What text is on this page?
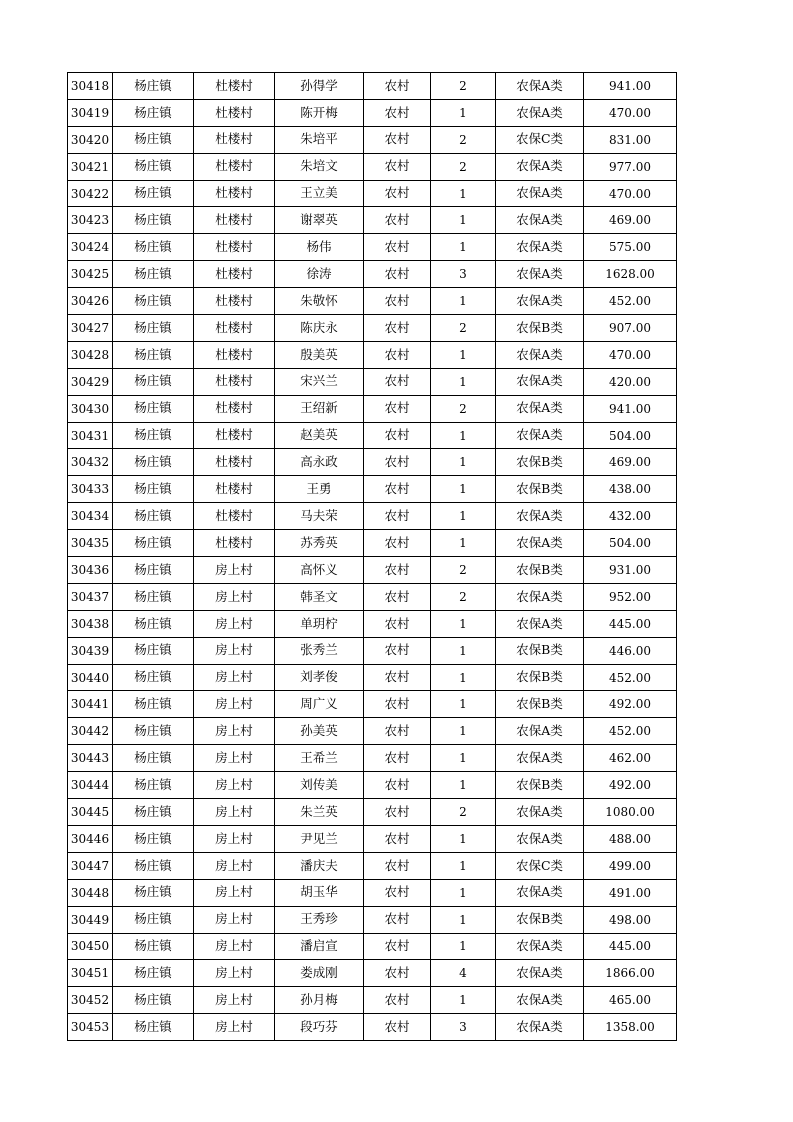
30418	杨庄镇	杜楼村	孙得学	农村	2	农保A类	941.00
30419	杨庄镇	杜楼村	陈开梅	农村	1	农保A类	470.00
30420	杨庄镇	杜楼村	朱培平	农村	2	农保C类	831.00
30421	杨庄镇	杜楼村	朱培文	农村	2	农保A类	977.00
30422	杨庄镇	杜楼村	王立美	农村	1	农保A类	470.00
30423	杨庄镇	杜楼村	谢翠英	农村	1	农保A类	469.00
30424	杨庄镇	杜楼村	杨伟	农村	1	农保A类	575.00
30425	杨庄镇	杜楼村	徐涛	农村	3	农保A类	1628.00
30426	杨庄镇	杜楼村	朱敬怀	农村	1	农保A类	452.00
30427	杨庄镇	杜楼村	陈庆永	农村	2	农保B类	907.00
30428	杨庄镇	杜楼村	殷美英	农村	1	农保A类	470.00
30429	杨庄镇	杜楼村	宋兴兰	农村	1	农保A类	420.00
30430	杨庄镇	杜楼村	王绍新	农村	2	农保A类	941.00
30431	杨庄镇	杜楼村	赵美英	农村	1	农保A类	504.00
30432	杨庄镇	杜楼村	高永政	农村	1	农保B类	469.00
30433	杨庄镇	杜楼村	王勇	农村	1	农保B类	438.00
30434	杨庄镇	杜楼村	马夫荣	农村	1	农保A类	432.00
30435	杨庄镇	杜楼村	苏秀英	农村	1	农保A类	504.00
30436	杨庄镇	房上村	高怀义	农村	2	农保B类	931.00
30437	杨庄镇	房上村	韩圣文	农村	2	农保A类	952.00
30438	杨庄镇	房上村	单玥柠	农村	1	农保A类	445.00
30439	杨庄镇	房上村	张秀兰	农村	1	农保B类	446.00
30440	杨庄镇	房上村	刘孝俊	农村	1	农保B类	452.00
30441	杨庄镇	房上村	周广义	农村	1	农保B类	492.00
30442	杨庄镇	房上村	孙美英	农村	1	农保A类	452.00
30443	杨庄镇	房上村	王希兰	农村	1	农保A类	462.00
30444	杨庄镇	房上村	刘传美	农村	1	农保B类	492.00
30445	杨庄镇	房上村	朱兰英	农村	2	农保A类	1080.00
30446	杨庄镇	房上村	尹见兰	农村	1	农保A类	488.00
30447	杨庄镇	房上村	潘庆夫	农村	1	农保C类	499.00
30448	杨庄镇	房上村	胡玉华	农村	1	农保A类	491.00
30449	杨庄镇	房上村	王秀珍	农村	1	农保B类	498.00
30450	杨庄镇	房上村	潘启宣	农村	1	农保A类	445.00
30451	杨庄镇	房上村	娄成刚	农村	4	农保A类	1866.00
30452	杨庄镇	房上村	孙月梅	农村	1	农保A类	465.00
30453	杨庄镇	房上村	段巧芬	农村	3	农保A类	1358.00
